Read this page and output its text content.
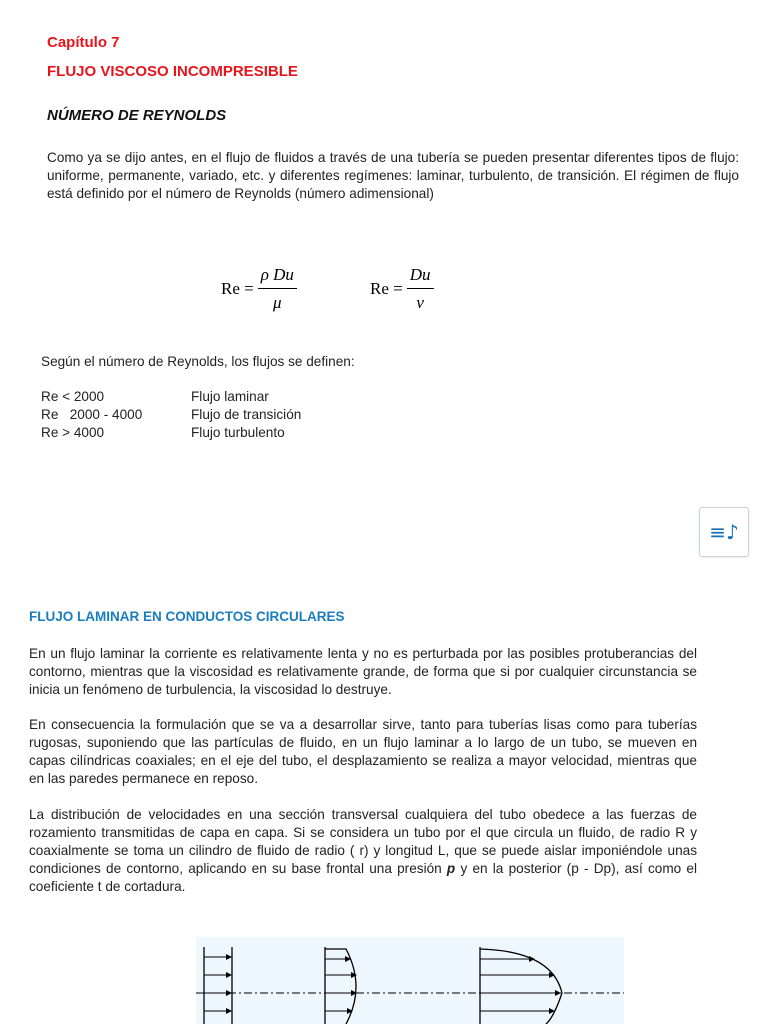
Capítulo 7
FLUJO VISCOSO INCOMPRESIBLE
NÚMERO DE REYNOLDS
Como ya se dijo antes, en el flujo de fluidos a través de una tubería se pueden presentar diferentes tipos de flujo: uniforme, permanente, variado, etc. y diferentes regímenes: laminar, turbulento, de transición. El régimen de flujo está definido por el número de Reynolds (número adimensional)
$Re = \frac{\text{ρ Du}}{\mu}$	$Re = \frac{Du}{\nu}$
Según el número de Reynolds, los flujos se definen:
Re < 2000	Flujo laminar
Re   2000 - 4000	Flujo de transición
Re > 4000	Flujo turbulento
≡♪
FLUJO LAMINAR EN CONDUCTOS CIRCULARES
En un flujo laminar la corriente es relativamente lenta y no es perturbada por las posibles protuberancias del contorno, mientras que la viscosidad es relativamente grande, de forma que si por cualquier circunstancia se inicia un fenómeno de turbulencia, la viscosidad lo destruye.
En consecuencia la formulación que se va a desarrollar sirve, tanto para tuberías lisas como para tuberías rugosas, suponiendo que las partículas de fluido, en un flujo laminar a lo largo de un tubo, se mueven en capas cilíndricas coaxiales; en el eje del tubo, el desplazamiento se realiza a mayor velocidad, mientras que en las paredes permanece en reposo.
La distribución de velocidades en una sección transversal cualquiera del tubo obedece a las fuerzas de rozamiento transmitidas de capa en capa. Si se considera un tubo por el que circula un fluido, de radio R y coaxialmente se toma un cilindro de fluido de radio ( r) y longitud L, que se puede aislar imponiéndole unas condiciones de contorno, aplicando en su base frontal una presión p y en la posterior (p - Dp), así como el coeficiente t de cortadura.
